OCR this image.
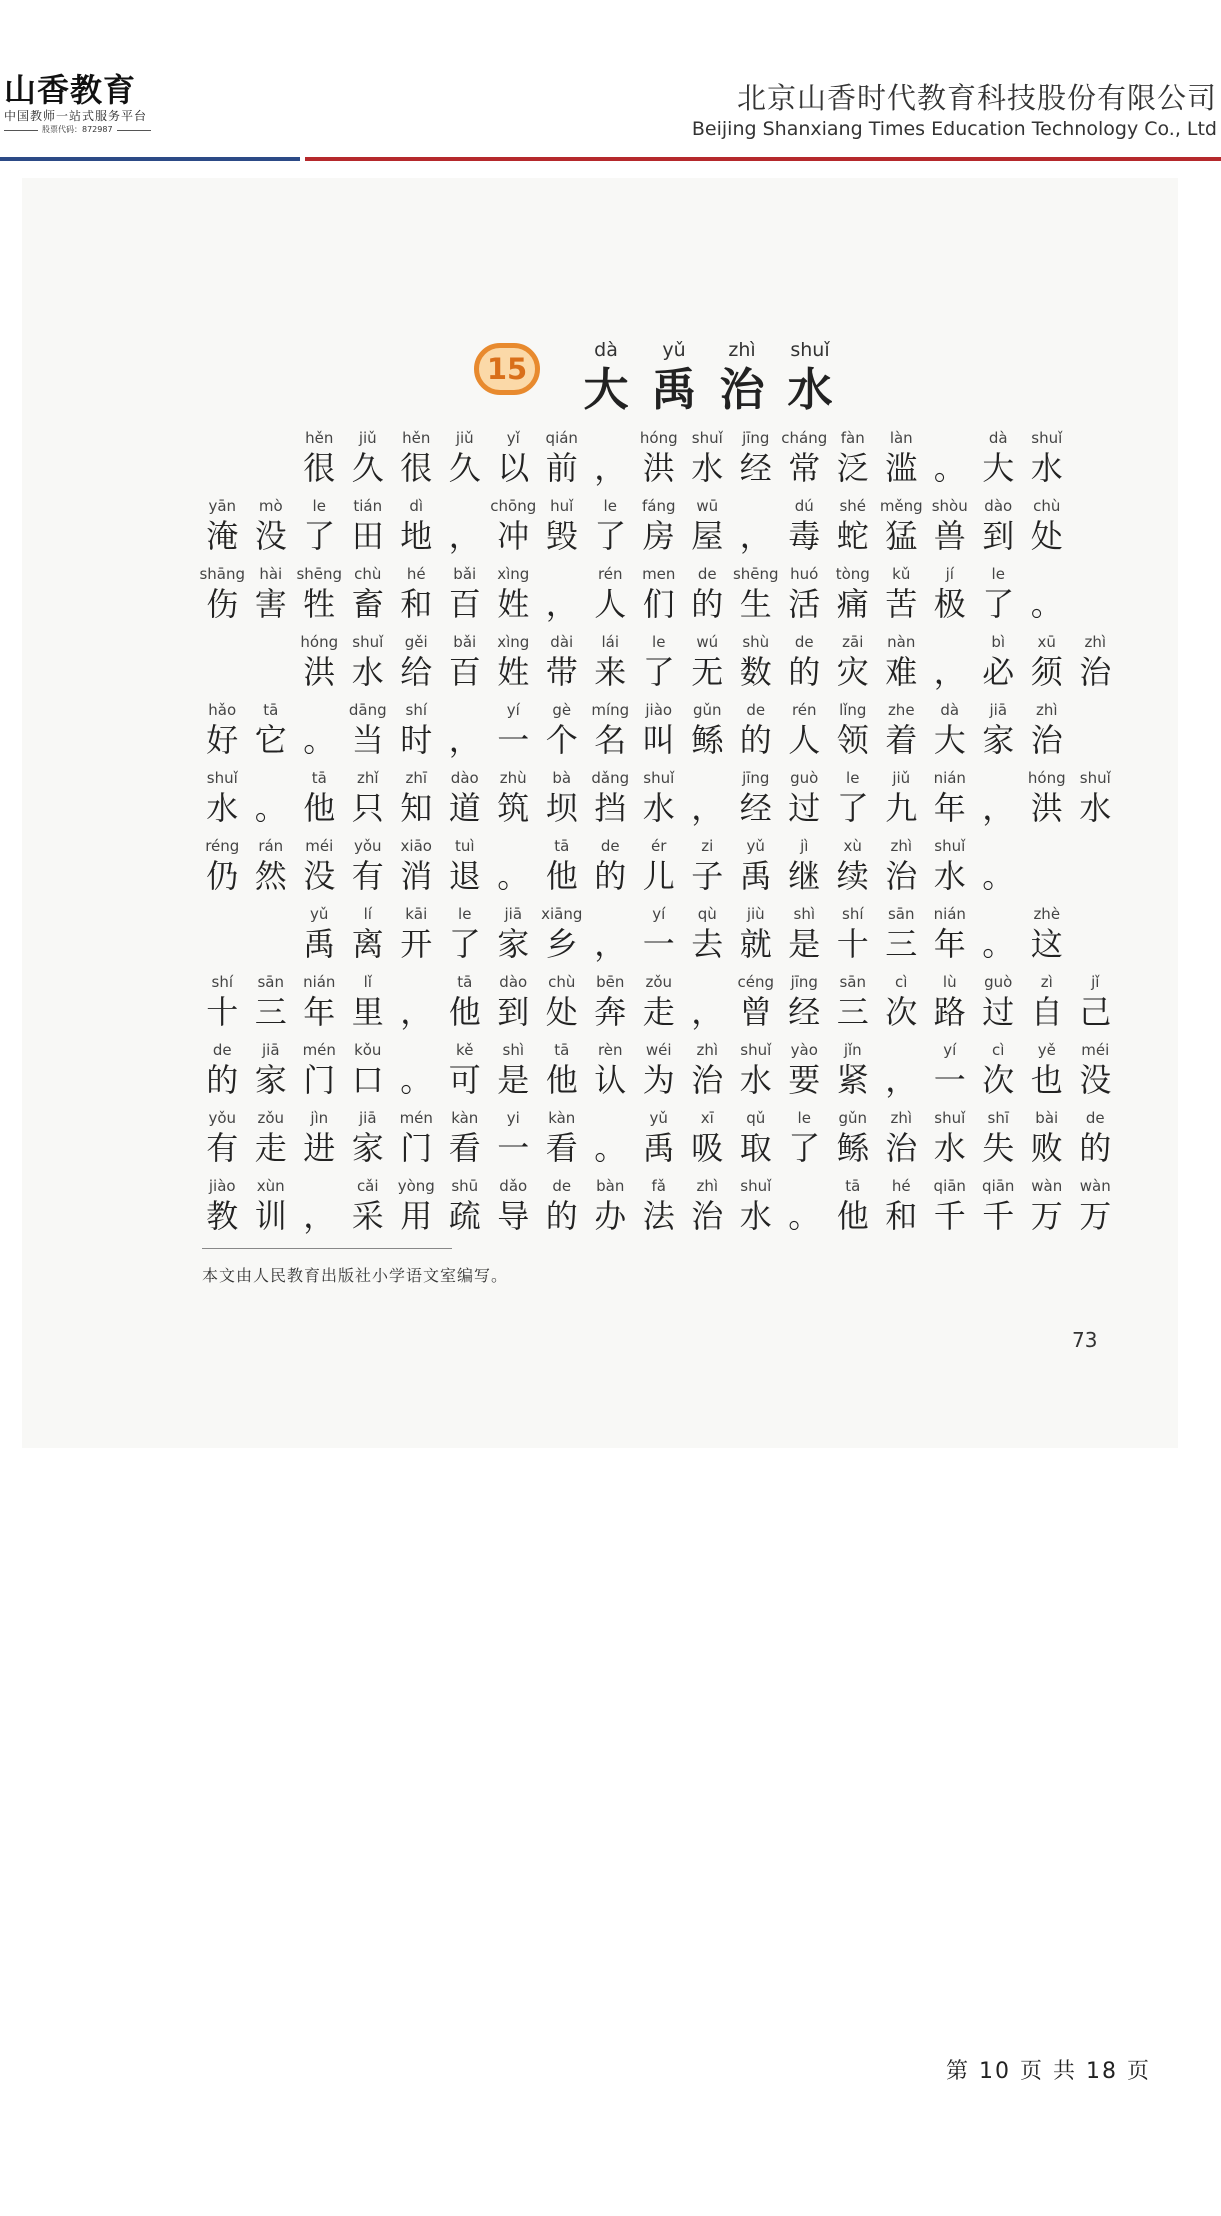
山香教育
中国教师一站式服务平台
股票代码：872987
北京山香时代教育科技股份有限公司
Beijing Shanxiang Times Education Technology Co., Ltd
15
dà
大
yǔ
禹
zhì
治
shuǐ
水
hěn
很
jiǔ
久
hěn
很
jiǔ
久
yǐ
以
qián
前 ，
hóng
洪
shuǐ
水
jīng
经
cháng
常
fàn
泛
làn
滥 。
dà
大
shuǐ
水
yān
淹
mò
没
le
了
tián
田
dì
地 ，
chōng
冲
huǐ
毁
le
了
fáng
房
wū
屋 ，
dú
毒
shé
蛇
měng
猛
shòu
兽
dào
到
chù
处
shāng
伤
hài
害
shēng
牲
chù
畜
hé
和
bǎi
百
xìng
姓 ，
rén
人
men
们
de
的
shēng
生
huó
活
tòng
痛
kǔ
苦
jí
极
le
了 。
hóng
洪
shuǐ
水
gěi
给
bǎi
百
xìng
姓
dài
带
lái
来
le
了
wú
无
shù
数
de
的
zāi
灾
nàn
难 ，
bì
必
xū
须
zhì
治
hǎo
好
tā
它 。
dāng
当
shí
时 ，
yí
一
gè
个
míng
名
jiào
叫
gǔn
鲧
de
的
rén
人
lǐng
领
zhe
着
dà
大
jiā
家
zhì
治
shuǐ
水 。
tā
他
zhǐ
只
zhī
知
dào
道
zhù
筑
bà
坝
dǎng
挡
shuǐ
水 ，
jīng
经
guò
过
le
了
jiǔ
九
nián
年 ，
hóng
洪
shuǐ
水
réng
仍
rán
然
méi
没
yǒu
有
xiāo
消
tuì
退 。
tā
他
de
的
ér
儿
zi
子
yǔ
禹
jì
继
xù
续
zhì
治
shuǐ
水 。
yǔ
禹
lí
离
kāi
开
le
了
jiā
家
xiāng
乡 ，
yí
一
qù
去
jiù
就
shì
是
shí
十
sān
三
nián
年 。
zhè
这
shí
十
sān
三
nián
年
lǐ
里 ，
tā
他
dào
到
chù
处
bēn
奔
zǒu
走 ，
céng
曾
jīng
经
sān
三
cì
次
lù
路
guò
过
zì
自
jǐ
己
de
的
jiā
家
mén
门
kǒu
口 。
kě
可
shì
是
tā
他
rèn
认
wéi
为
zhì
治
shuǐ
水
yào
要
jǐn
紧 ，
yí
一
cì
次
yě
也
méi
没
yǒu
有
zǒu
走
jìn
进
jiā
家
mén
门
kàn
看
yi
一
kàn
看 。
yǔ
禹
xī
吸
qǔ
取
le
了
gǔn
鲧
zhì
治
shuǐ
水
shī
失
bài
败
de
的
jiào
教
xùn
训 ，
cǎi
采
yòng
用
shū
疏
dǎo
导
de
的
bàn
办
fǎ
法
zhì
治
shuǐ
水 。
tā
他
hé
和
qiān
千
qiān
千
wàn
万
wàn
万
本文由人民教育出版社小学语文室编写。
73
第 10 页 共 18 页
